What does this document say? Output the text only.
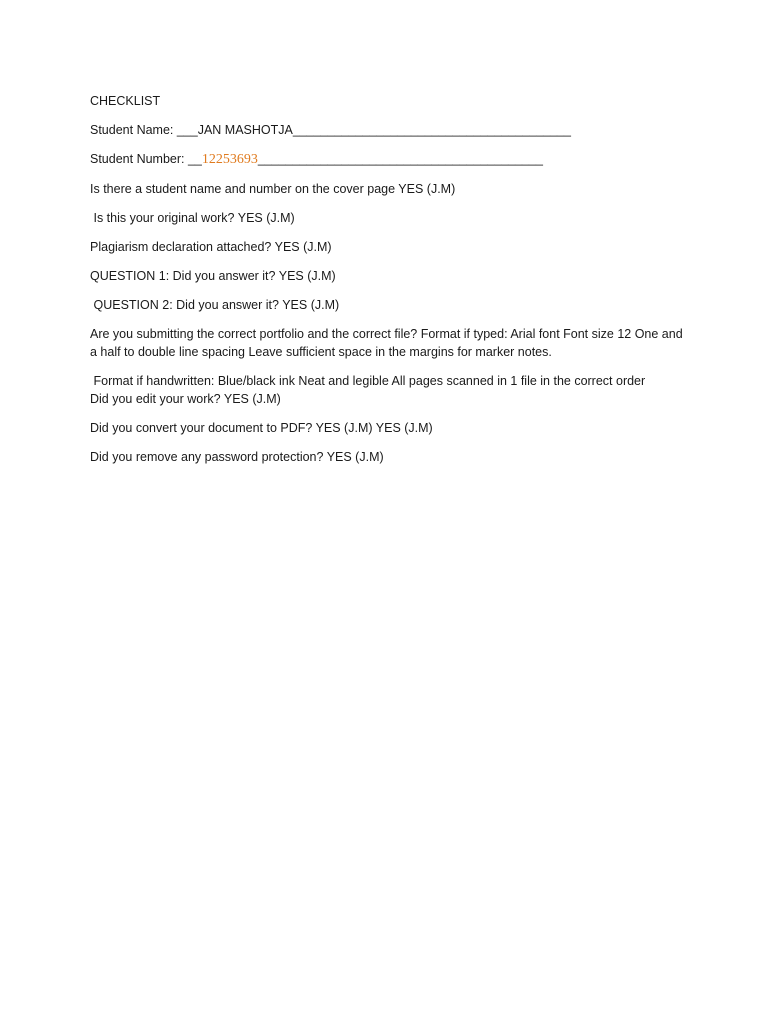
CHECKLIST
Student Name: ___JAN MASHOTJA________________________________________
Student Number: __12253693_________________________________________
Is there a student name and number on the cover page YES (J.M)
Is this your original work? YES (J.M)
Plagiarism declaration attached? YES (J.M)
QUESTION 1: Did you answer it? YES (J.M)
QUESTION 2: Did you answer it? YES (J.M)
Are you submitting the correct portfolio and the correct file? Format if typed: Arial font Font size 12 One and a half to double line spacing Leave sufficient space in the margins for marker notes.
Format if handwritten: Blue/black ink Neat and legible All pages scanned in 1 file in the correct order
Did you edit your work? YES (J.M)
Did you convert your document to PDF? YES (J.M) YES (J.M)
Did you remove any password protection? YES (J.M)
